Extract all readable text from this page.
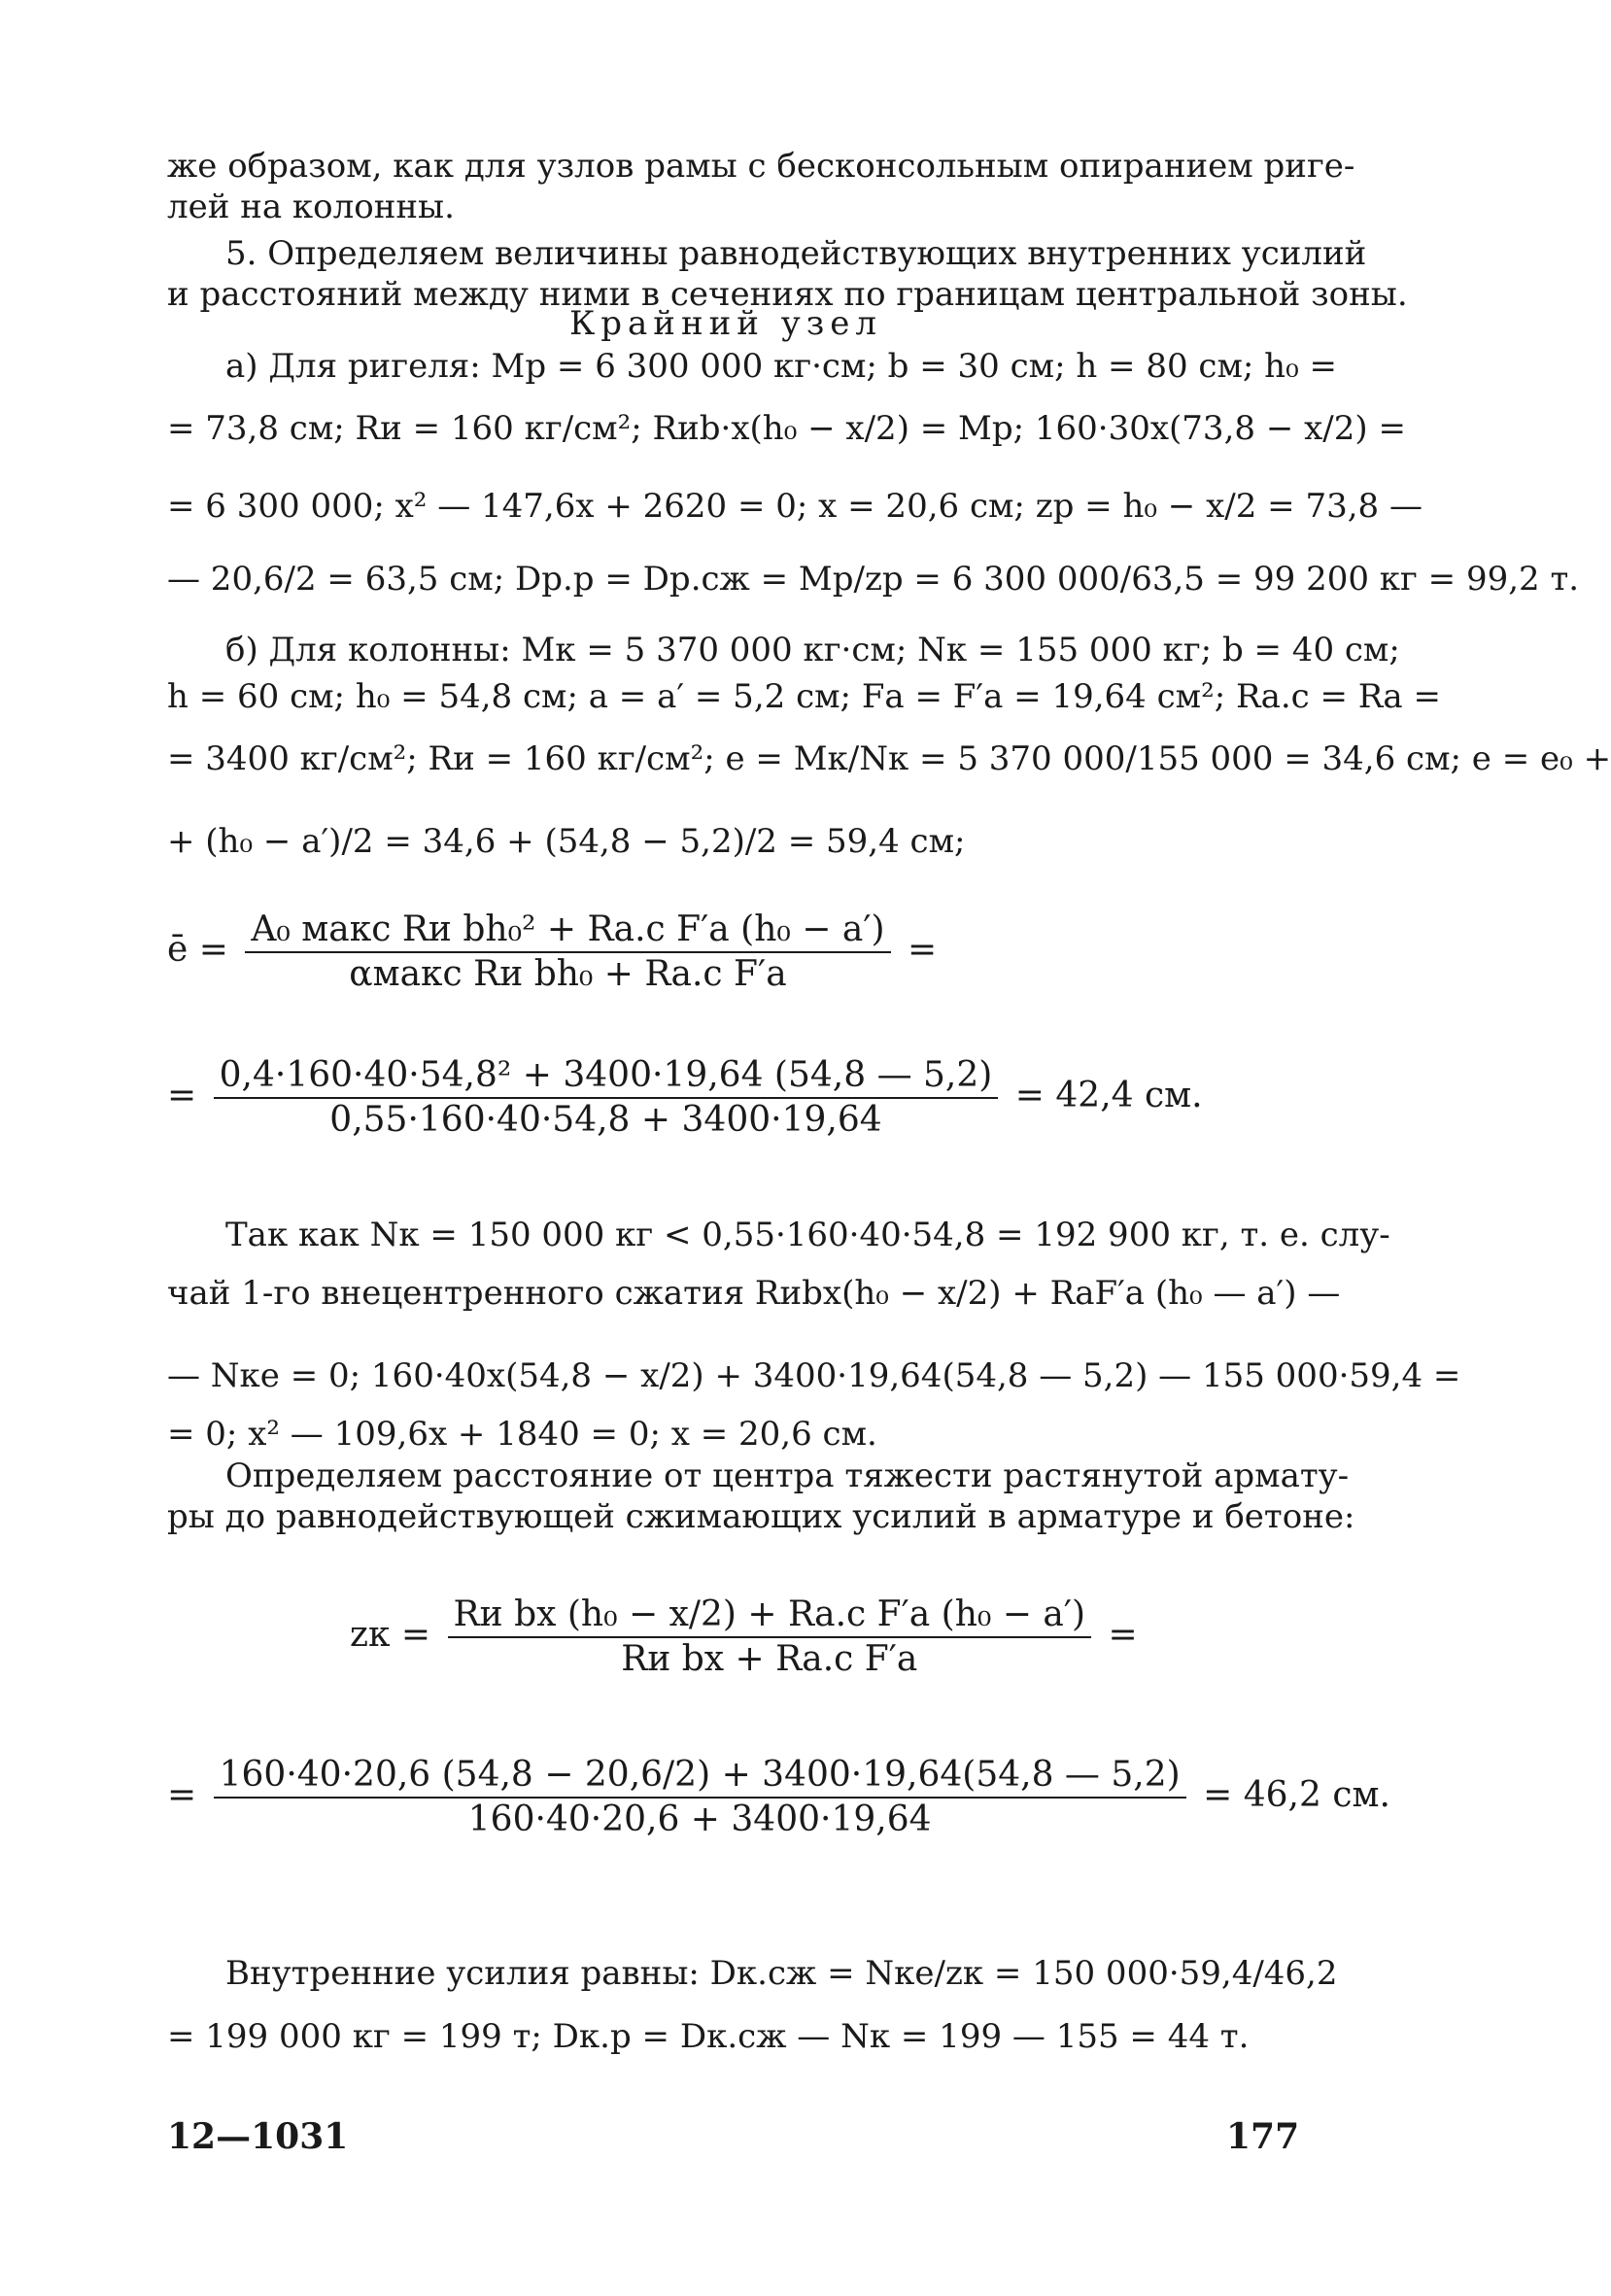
же образом, как для узлов рамы с бесконсольным опиранием риге-
лей на колонны.
5. Определяем величины равнодействующих внутренних усилий
и расстояний между ними в сечениях по границам центральной зоны.
Крайний узел
а) Для ригеля: Mр = 6 300 000 кг·см; b = 30 см; h = 80 см; h₀ =
= 73,8 см; Rи = 160 кг/см²; Rиb·x(h₀ − x/2) = Mр; 160·30x(73,8 − x/2) =
= 6 300 000; x² — 147,6x + 2620 = 0; x = 20,6 см; zр = h₀ − x/2 = 73,8 —
— 20,6/2 = 63,5 см; Dр.р = Dр.сж = Mр/zр = 6 300 000/63,5 = 99 200 кг = 99,2 т.
б) Для колонны: Mк = 5 370 000 кг·см; Nк = 155 000 кг; b = 40 см;
h = 60 см; h₀ = 54,8 см; a = a′ = 5,2 см; Fа = F′а = 19,64 см²; Rа.с = Rа =
= 3400 кг/см²; Rи = 160 кг/см²; e = Mк/Nк = 5 370 000/155 000 = 34,6 см; e = e₀ +
+ (h₀ − a′)/2 = 34,6 + (54,8 − 5,2)/2 = 59,4 см;
ē = $\frac{\text{A₀ макс Rи bh₀² + Rа.с F′а (h₀ − a′)}}{\text{αмакс Rи bh₀ + Rа.с F′а}}$ =
= $\frac{\text{0,4·160·40·54,8² + 3400·19,64 (54,8 — 5,2)}}{0,55\cdot 160\cdot 40\cdot 54,8 + 3400\cdot 19,64} = 42,4$ см.
Так как Nк = 150 000 кг < 0,55·160·40·54,8 = 192 900 кг, т. е. слу-
чай 1-го внецентренного сжатия Rиbx(h₀ − x/2) + RаF′а (h₀ — a′) —
— Nкe = 0; 160·40x(54,8 − x/2) + 3400·19,64(54,8 — 5,2) — 155 000·59,4 =
= 0; x² — 109,6x + 1840 = 0; x = 20,6 см.
Определяем расстояние от центра тяжести растянутой армату-
ры до равнодействующей сжимающих усилий в арматуре и бетоне:
zк = $\frac{\text{Rи bx (h₀ − x/2) + Rа.с F′а (h₀ − a′)}}{\text{Rи bx + Rа.с F′а}}$ =
= $\frac{160\cdot 40\cdot 20,6 (54,8 - 20,6/2) + 3400\cdot 19,64(54,8 — 5,2)}{160\cdot 40\cdot 20,6 + 3400\cdot 19,64} = 46,2$ см.
Внутренние усилия равны: Dк.сж = Nкe/zк = 150 000·59,4/46,2
= 199 000 кг = 199 т; Dк.р = Dк.сж — Nк = 199 — 155 = 44 т.
12—1031	177
